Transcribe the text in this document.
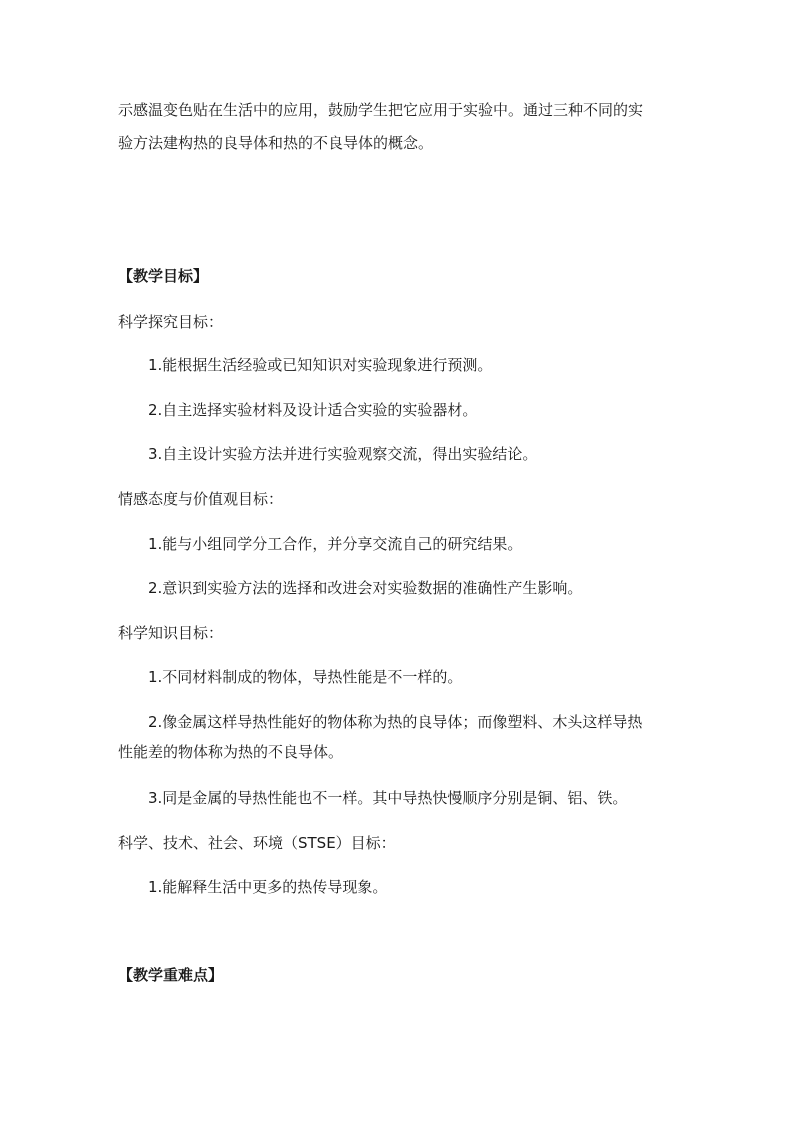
示感温变色贴在生活中的应用，鼓励学生把它应用于实验中。通过三种不同的实
验方法建构热的良导体和热的不良导体的概念。
【教学目标】
科学探究目标：
1.能根据生活经验或已知知识对实验现象进行预测。
2.自主选择实验材料及设计适合实验的实验器材。
3.自主设计实验方法并进行实验观察交流，得出实验结论。
情感态度与价值观目标：
1.能与小组同学分工合作，并分享交流自己的研究结果。
2.意识到实验方法的选择和改进会对实验数据的准确性产生影响。
科学知识目标：
1.不同材料制成的物体，导热性能是不一样的。
2.像金属这样导热性能好的物体称为热的良导体；而像塑料、木头这样导热
性能差的物体称为热的不良导体。
3.同是金属的导热性能也不一样。其中导热快慢顺序分别是铜、铝、铁。
科学、技术、社会、环境（STSE）目标：
1.能解释生活中更多的热传导现象。
【教学重难点】
